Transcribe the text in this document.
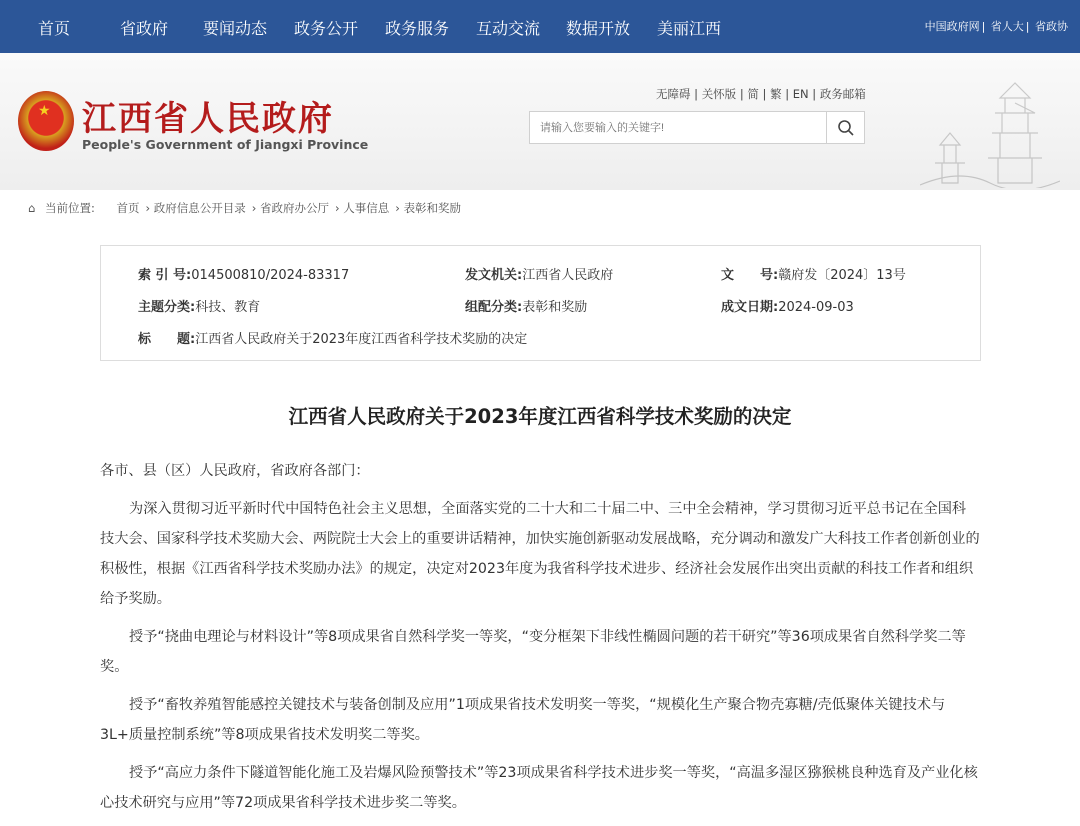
首页	省政府 要闻动态 政务公开 政务服务 互动交流 数据开放 美丽江西	中国政府网 | 省人大 | 省政协
★ 江西省人民政府
People's Government of Jiangxi Province
无障碍 | 关怀版 | 简 | 繁 | EN | 政务邮箱
请输入您要输入的关键字!
⌂ 当前位置: 首页 › 政府信息公开目录 › 省政府办公厅 › 人事信息 › 表彰和奖励
索 引 号:014500810/2024-83317	发文机关:江西省人民政府	文　　号:赣府发〔2024〕13号
主题分类:科技、教育	组配分类:表彰和奖励	成文日期:2024-09-03
标　　题:江西省人民政府关于2023年度江西省科学技术奖励的决定
江西省人民政府关于2023年度江西省科学技术奖励的决定

各市、县（区）人民政府，省政府各部门：

为深入贯彻习近平新时代中国特色社会主义思想，全面落实党的二十大和二十届二中、三中全会精神，学习贯彻习近平总书记在全国科技大会、国家科学技术奖励大会、两院院士大会上的重要讲话精神，加快实施创新驱动发展战略，充分调动和激发广大科技工作者创新创业的积极性，根据《江西省科学技术奖励办法》的规定，决定对2023年度为我省科学技术进步、经济社会发展作出突出贡献的科技工作者和组织给予奖励。

授予“挠曲电理论与材料设计”等8项成果省自然科学奖一等奖，“变分框架下非线性椭圆问题的若干研究”等36项成果省自然科学奖二等奖。

授予“畜牧养殖智能感控关键技术与装备创制及应用”1项成果省技术发明奖一等奖，“规模化生产聚合物壳寡糖/壳低聚体关键技术与3L+质量控制系统”等8项成果省技术发明奖二等奖。

授予“高应力条件下隧道智能化施工及岩爆风险预警技术”等23项成果省科学技术进步奖一等奖，“高温多湿区猕猴桃良种选育及产业化核心技术研究与应用”等72项成果省科学技术进步奖二等奖。
